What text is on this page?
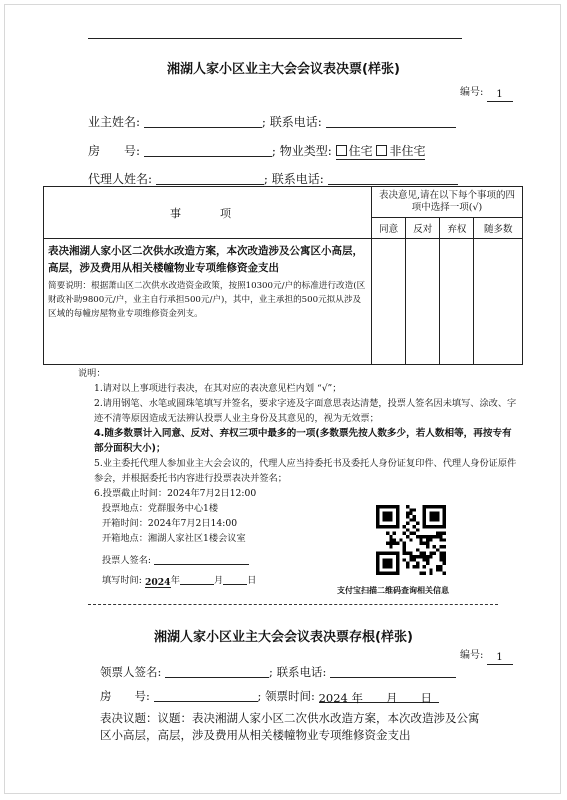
湘湖人家小区业主大会会议表决票(样张)
编号: 1
业主姓名:	; 联系电话:
房　　号:	; 物业类型: 住宅 非住宅
代理人姓名:	; 联系电话:
事　项	表决意见,请在以下每个事项的四项中选择一项(√)			
	同意	反对	弃权	随多数

表决湘湖人家小区二次供水改造方案，本次改造涉及公寓区小高层，高层，涉及费用从相关楼幢物业专项维修资金支出
简要说明：根据萧山区二次供水改造资金政策，按照10300元/户的标准进行改造(区财政补助9800元/户，业主自行承担500元/户)，其中，业主承担的500元拟从涉及区域的每幢房屋物业专项维修资金列支。				

说明：
1.请对以上事项进行表决，在其对应的表决意见栏内划 “√”；
2.请用钢笔、水笔或圆珠笔填写并签名，要求字迹及字面意思表达清楚，投票人签名因未填写、涂改、字迹不清等原因造成无法辨认投票人业主身份及其意见的，视为无效票；
4.随多数票计入同意、反对、弃权三项中最多的一项(多数票先按人数多少，若人数相等，再按专有部分面积大小)；
5.业主委托代理人参加业主大会会议的，代理人应当持委托书及委托人身份证复印件、代理人身份证原件参会，并根据委托书内容进行投票表决并签名；
6.投票截止时间：2024年7月2日12:00
投票地点：党群服务中心1楼
开箱时间：2024年7月2日14:00
开箱地点：湘湖人家社区1楼会议室
投票人签名:
填写时间: 2024年	月	日
支付宝扫描二维码查询相关信息
湘湖人家小区业主大会会议表决票存根(样张)
编号: 1
领票人签名:	; 联系电话:
房　　号:	; 领票时间: 2024 年　　 月　　 日
表决议题：议题：表决湘湖人家小区二次供水改造方案，本次改造涉及公寓区小高层，高层，涉及费用从相关楼幢物业专项维修资金支出
